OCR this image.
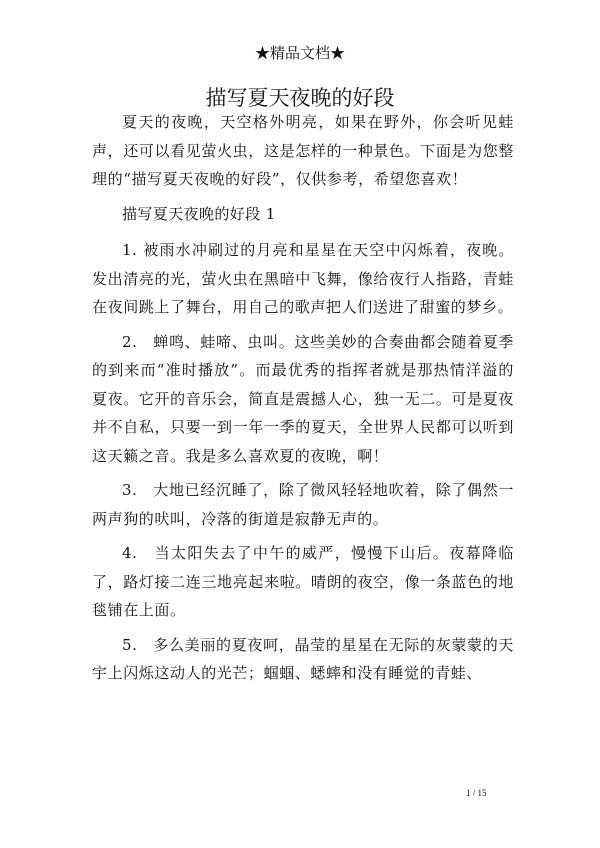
★精品文档★
描写夏天夜晚的好段

夏天的夜晚，天空格外明亮，如果在野外，你会听见蛙声，还可以看见萤火虫，这是怎样的一种景色。下面是为您整理的“描写夏天夜晚的好段”，仅供参考，希望您喜欢！

描写夏天夜晚的好段 1

1. 被雨水冲刷过的月亮和星星在天空中闪烁着，夜晚。发出清亮的光，萤火虫在黑暗中飞舞，像给夜行人指路，青蛙在夜间跳上了舞台，用自己的歌声把人们送进了甜蜜的梦乡。

2.　蝉鸣、蛙啼、虫叫。这些美妙的合奏曲都会随着夏季的到来而“准时播放”。而最优秀的指挥者就是那热情洋溢的夏夜。它开的音乐会，简直是震撼人心，独一无二。可是夏夜并不自私，只要一到一年一季的夏天，全世界人民都可以听到这天籁之音。我是多么喜欢夏的夜晚，啊！

3.　大地已经沉睡了，除了微风轻轻地吹着，除了偶然一两声狗的吠叫，冷落的街道是寂静无声的。

4.　当太阳失去了中午的威严，慢慢下山后。夜幕降临了，路灯接二连三地亮起来啦。晴朗的夜空，像一条蓝色的地毯铺在上面。

5.　多么美丽的夏夜呵，晶莹的星星在无际的灰蒙蒙的天宇上闪烁这动人的光芒；蝈蝈、蟋蟀和没有睡觉的青蛙、

1 / 15
